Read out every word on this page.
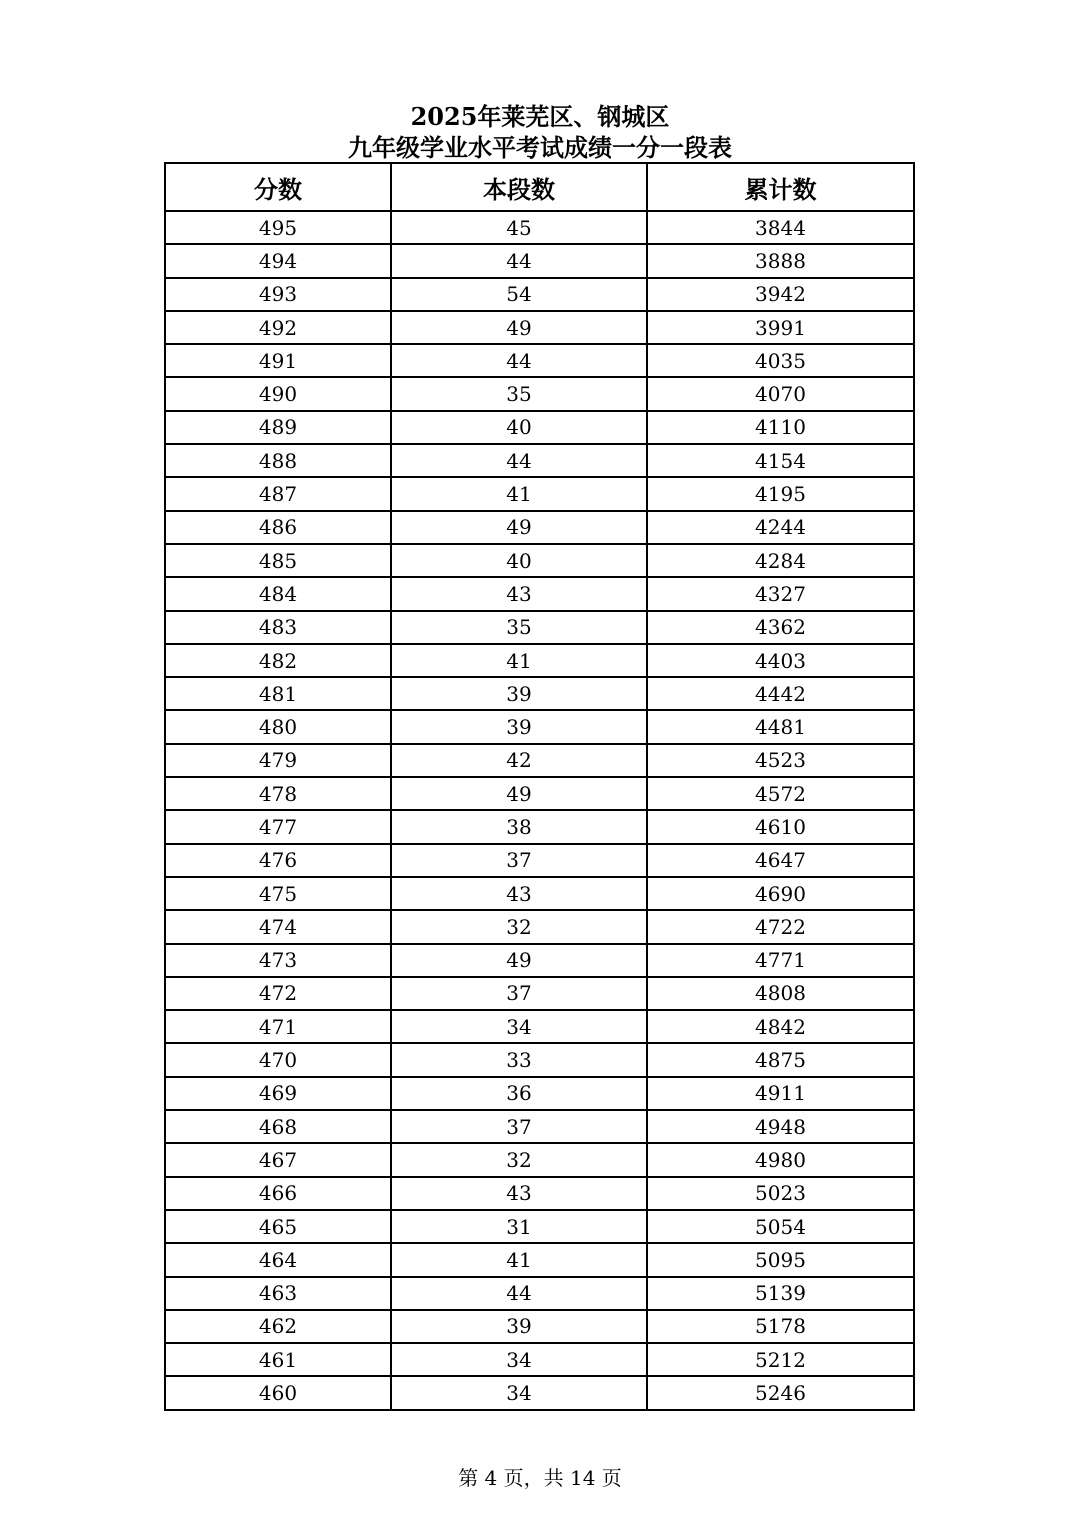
2025年莱芜区、钢城区
九年级学业水平考试成绩一分一段表
分数	本段数	累计数
495	45	3844
494	44	3888
493	54	3942
492	49	3991
491	44	4035
490	35	4070
489	40	4110
488	44	4154
487	41	4195
486	49	4244
485	40	4284
484	43	4327
483	35	4362
482	41	4403
481	39	4442
480	39	4481
479	42	4523
478	49	4572
477	38	4610
476	37	4647
475	43	4690
474	32	4722
473	49	4771
472	37	4808
471	34	4842
470	33	4875
469	36	4911
468	37	4948
467	32	4980
466	43	5023
465	31	5054
464	41	5095
463	44	5139
462	39	5178
461	34	5212
460	34	5246
第 4 页，共 14 页
